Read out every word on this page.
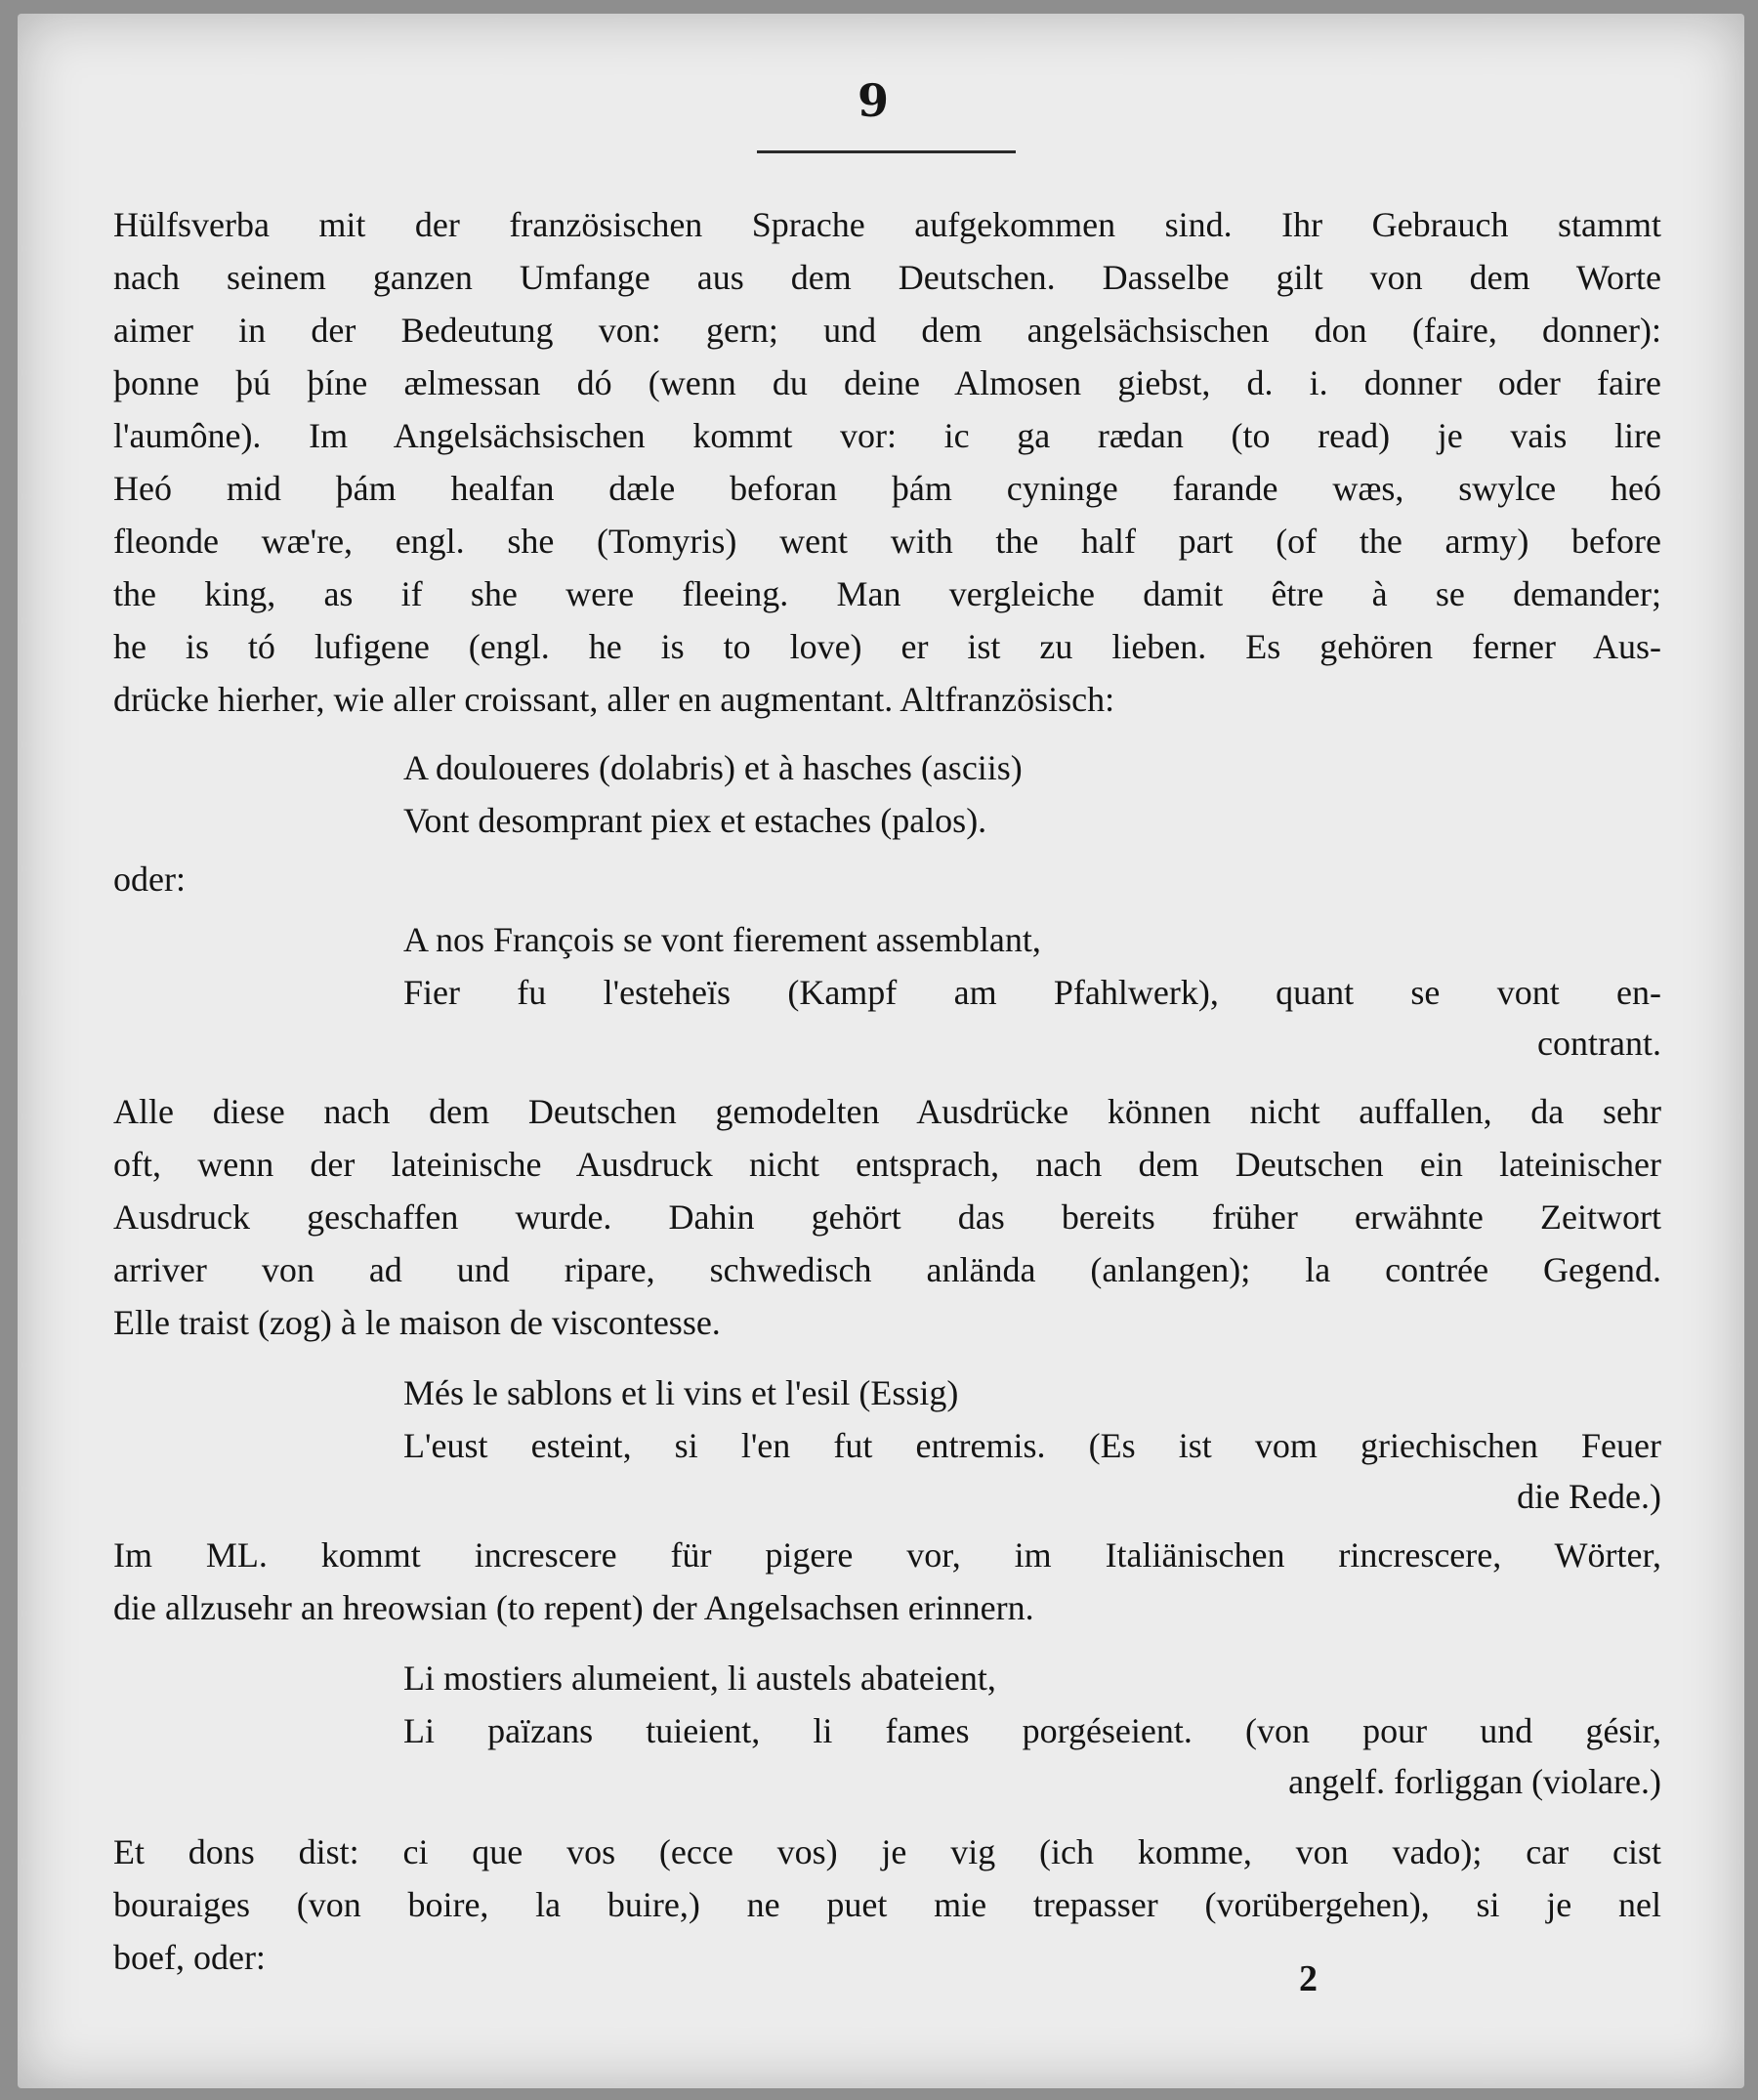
9
Hülfsverba mit der französischen Sprache aufgekommen sind. Ihr Gebrauch stammt
nach seinem ganzen Umfange aus dem Deutschen. Dasselbe gilt von dem Worte
aimer in der Bedeutung von: gern; und dem angelsächsischen don (faire, donner):
þonne þú þíne ælmessan dó (wenn du deine Almosen giebst, d. i. donner oder faire
l'aumône). Im Angelsächsischen kommt vor: ic ga rædan (to read) je vais lire
Heó mid þám healfan dæle beforan þám cyninge farande wæs, swylce heó
fleonde wæ're, engl. she (Tomyris) went with the half part (of the army) before
the king, as if she were fleeing. Man vergleiche damit être à se demander;
he is tó lufigene (engl. he is to love) er ist zu lieben. Es gehören ferner Aus-
drücke hierher, wie aller croissant, aller en augmentant. Altfranzösisch:
A douloueres (dolabris) et à hasches (asciis)
Vont desomprant piex et estaches (palos).
oder:
A nos François se vont fierement assemblant,
Fier fu l'esteheïs (Kampf am Pfahlwerk), quant se vont en-
contrant.
Alle diese nach dem Deutschen gemodelten Ausdrücke können nicht auffallen, da sehr
oft, wenn der lateinische Ausdruck nicht entsprach, nach dem Deutschen ein lateinischer
Ausdruck geschaffen wurde. Dahin gehört das bereits früher erwähnte Zeitwort
arriver von ad und ripare, schwedisch anlända (anlangen); la contrée Gegend.
Elle traist (zog) à le maison de viscontesse.
Més le sablons et li vins et l'esil (Essig)
L'eust esteint, si l'en fut entremis. (Es ist vom griechischen Feuer
die Rede.)
Im ML. kommt increscere für pigere vor, im Italiänischen rincrescere, Wörter,
die allzusehr an hreowsian (to repent) der Angelsachsen erinnern.
Li mostiers alumeient, li austels abateient,
Li païzans tuieient, li fames porgéseient. (von pour und gésir,
angelf. forliggan (violare.)
Et dons dist: ci que vos (ecce vos) je vig (ich komme, von vado); car cist
bouraiges (von boire, la buire,) ne puet mie trepasser (vorübergehen), si je nel
boef, oder:
2
